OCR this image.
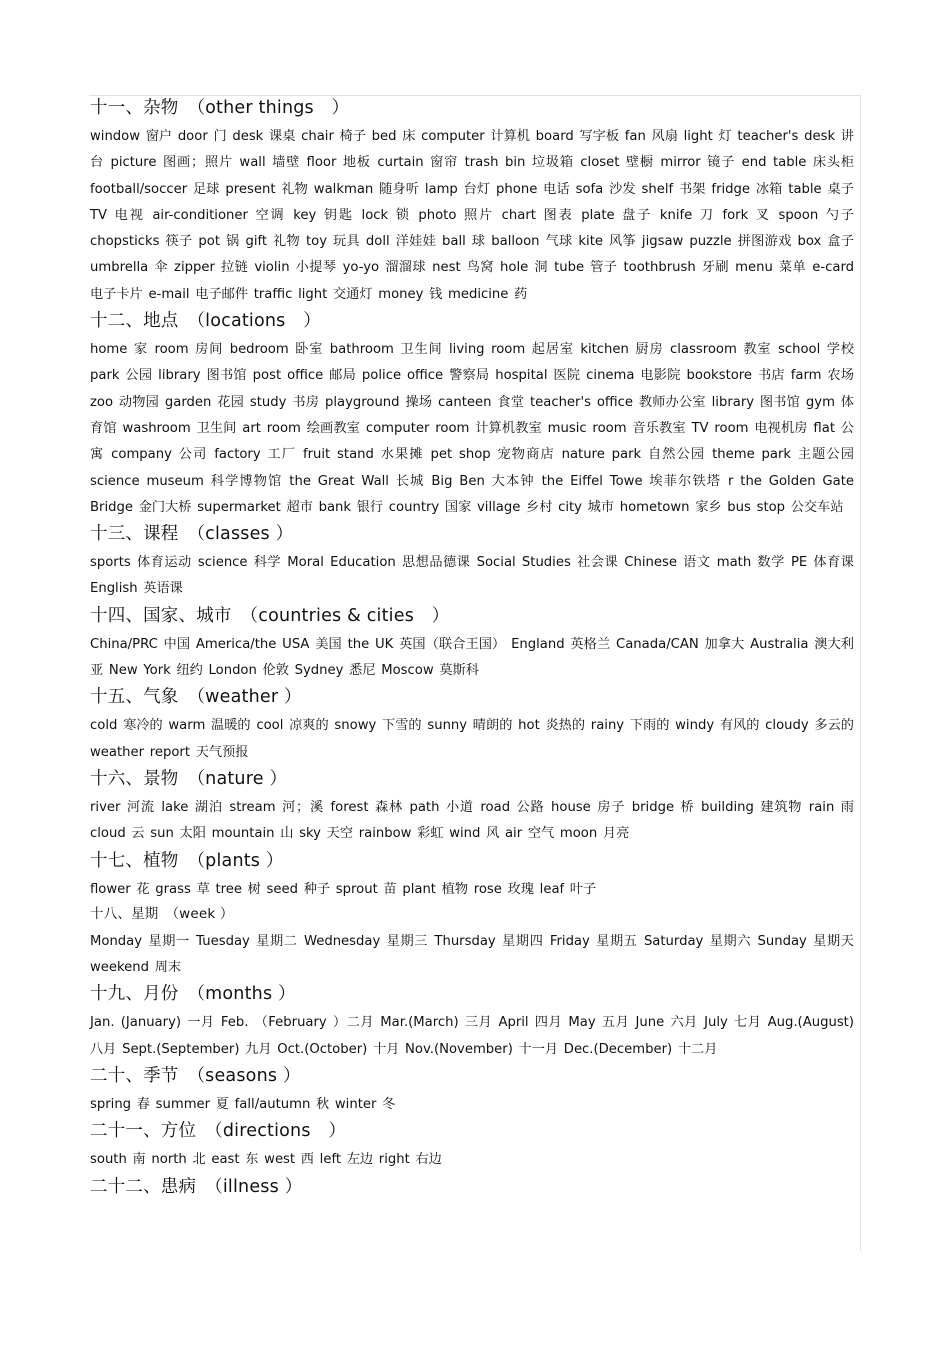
十一、杂物　（other things　）
window 窗户 door 门 desk 课桌 chair 椅子 bed 床 computer 计算机 board 写字板 fan 风扇 light 灯 teacher's desk 讲台 picture 图画；照片 wall 墙壁 floor 地板 curtain 窗帘 trash bin 垃圾箱 closet 壁橱 mirror 镜子 end table 床头柜 football/soccer 足球 present 礼物 walkman 随身听 lamp 台灯 phone 电话 sofa 沙发 shelf 书架 fridge 冰箱 table 桌子 TV 电视 air-conditioner 空调 key 钥匙 lock 锁 photo 照片 chart 图表 plate 盘子 knife 刀 fork 叉 spoon 勺子 chopsticks 筷子 pot 锅 gift 礼物 toy 玩具 doll 洋娃娃 ball 球 balloon 气球 kite 风筝 jigsaw puzzle 拼图游戏 box 盒子 umbrella 伞 zipper 拉链 violin 小提琴 yo-yo 溜溜球 nest 鸟窝 hole 洞 tube 管子 toothbrush 牙刷 menu 菜单 e-card 电子卡片 e-mail 电子邮件 traffic light 交通灯 money 钱 medicine 药
十二、地点　（locations　）
home 家 room 房间 bedroom 卧室 bathroom 卫生间 living room 起居室 kitchen 厨房 classroom 教室 school 学校 park 公园 library 图书馆 post office 邮局 police office 警察局 hospital 医院 cinema 电影院 bookstore 书店 farm 农场 zoo 动物园 garden 花园 study 书房 playground 操场 canteen 食堂 teacher's office 教师办公室 library 图书馆 gym 体育馆 washroom 卫生间 art room 绘画教室 computer room 计算机教室 music room 音乐教室 TV room 电视机房 flat 公寓 company 公司 factory 工厂 fruit stand 水果摊 pet shop 宠物商店 nature park 自然公园 theme park 主题公园 science museum 科学博物馆 the Great Wall 长城 Big Ben 大本钟 the Eiffel Towe 埃菲尔铁塔 r the Golden Gate Bridge 金门大桥 supermarket 超市 bank 银行 country 国家 village 乡村 city 城市 hometown 家乡 bus stop 公交车站
十三、课程　（classes ）
sports 体育运动 science 科学 Moral Education 思想品德课 Social Studies 社会课 Chinese 语文 math 数学 PE 体育课 English 英语课
十四、国家、城市　（countries & cities　）
China/PRC 中国 America/the USA 美国 the UK 英国（联合王国） England 英格兰 Canada/CAN 加拿大 Australia 澳大利亚 New York 纽约 London 伦敦 Sydney 悉尼 Moscow 莫斯科
十五、气象　（weather ）
cold 寒冷的 warm 温暖的 cool 凉爽的 snowy 下雪的 sunny 晴朗的 hot 炎热的 rainy 下雨的 windy 有风的 cloudy 多云的 weather report 天气预报
十六、景物　（nature ）
river 河流 lake 湖泊 stream 河；溪 forest 森林 path 小道 road 公路 house 房子 bridge 桥 building 建筑物 rain 雨 cloud 云 sun 太阳 mountain 山 sky 天空 rainbow 彩虹 wind 风 air 空气 moon 月亮
十七、植物　（plants ）
flower 花 grass 草 tree 树 seed 种子 sprout 苗 plant 植物 rose 玫瑰 leaf 叶子
十八、星期　（week ）
Monday 星期一 Tuesday 星期二 Wednesday 星期三 Thursday 星期四 Friday 星期五 Saturday 星期六 Sunday 星期天 weekend 周末
十九、月份　（months ）
Jan. (January) 一月 Feb. （February ）二月 Mar.(March) 三月 April 四月 May 五月 June 六月 July 七月 Aug.(August) 八月 Sept.(September) 九月 Oct.(October) 十月 Nov.(November) 十一月 Dec.(December) 十二月
二十、季节　（seasons ）
spring 春 summer 夏 fall/autumn 秋 winter 冬
二十一、方位　（directions　）
south 南 north 北 east 东 west 西 left 左边 right 右边
二十二、患病　（illness ）
